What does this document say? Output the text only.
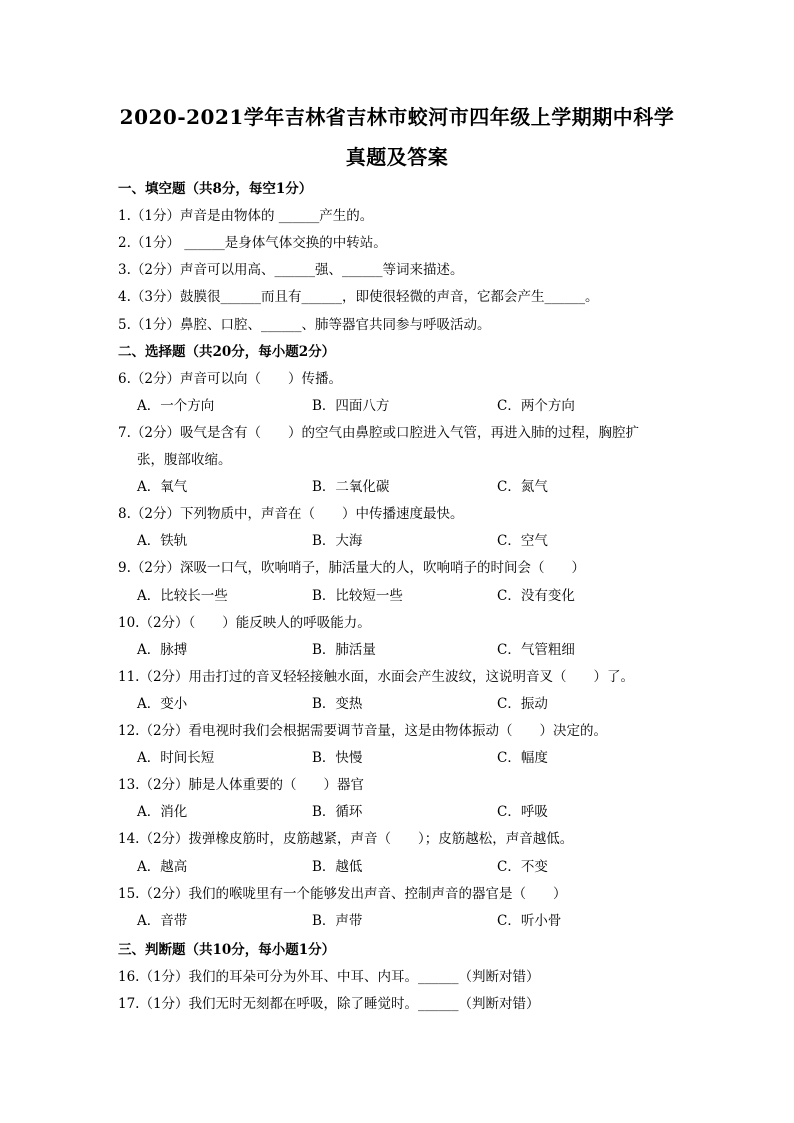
2020-2021学年吉林省吉林市蛟河市四年级上学期期中科学
真题及答案
一、填空题（共8分，每空1分）
1.（1分）声音是由物体的 ______产生的。
2.（1分） ______是身体气体交换的中转站。
3.（2分）声音可以用高、______强、______等词来描述。
4.（3分）鼓膜很______而且有______，即使很轻微的声音，它都会产生______。
5.（1分）鼻腔、口腔、______、肺等器官共同参与呼吸活动。
二、选择题（共20分，每小题2分）
6.（2分）声音可以向（　　）传播。
A．一个方向	B．四面八方	C．两个方向
7.（2分）吸气是含有（　　）的空气由鼻腔或口腔进入气管，再进入肺的过程，胸腔扩
张，腹部收缩。
A．氧气	B．二氧化碳	C．氮气
8.（2分）下列物质中，声音在（　　）中传播速度最快。
A．铁轨	B．大海	C．空气
9.（2分）深吸一口气，吹响哨子，肺活量大的人，吹响哨子的时间会（　　）
A．比较长一些	B．比较短一些	C．没有变化
10.（2分）（　　）能反映人的呼吸能力。
A．脉搏	B．肺活量	C．气管粗细
11.（2分）用击打过的音叉轻轻接触水面，水面会产生波纹，这说明音叉（　　）了。
A．变小	B．变热	C．振动
12.（2分）看电视时我们会根据需要调节音量，这是由物体振动（　　）决定的。
A．时间长短	B．快慢	C．幅度
13.（2分）肺是人体重要的（　　）器官
A．消化	B．循环	C．呼吸
14.（2分）拨弹橡皮筋时，皮筋越紧，声音（　　）；皮筋越松，声音越低。
A．越高	B．越低	C．不变
15.（2分）我们的喉咙里有一个能够发出声音、控制声音的器官是（　　）
A．音带	B．声带	C．听小骨
三、判断题（共10分，每小题1分）
16.（1分）我们的耳朵可分为外耳、中耳、内耳。______（判断对错）
17.（1分）我们无时无刻都在呼吸，除了睡觉时。______（判断对错）
